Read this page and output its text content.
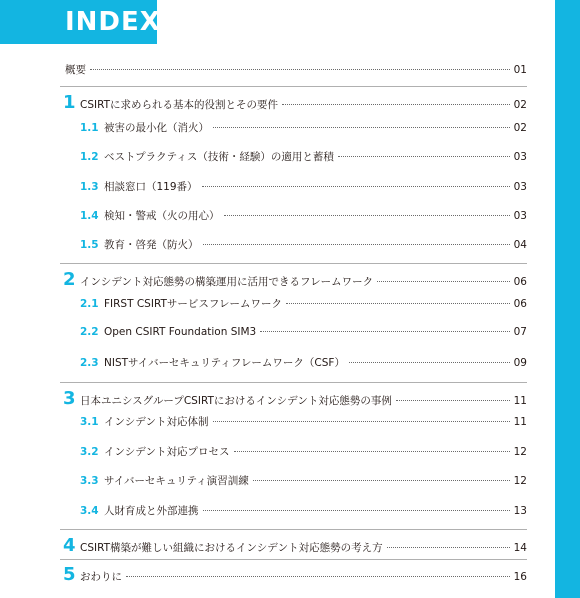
INDEX
概要	01
1 CSIRTに求められる基本的役割とその要件	02
1.1 被害の最小化（消火）	02
1.2 ベストプラクティス（技術・経験）の適用と蓄積	03
1.3 相談窓口（119番）	03
1.4 検知・警戒（火の用心）	03
1.5 教育・啓発（防火）	04
2 インシデント対応態勢の構築運用に活用できるフレームワーク	06
2.1 FIRST CSIRTサービスフレームワーク	06
2.2 Open CSIRT Foundation SIM3	07
2.3 NISTサイバーセキュリティフレームワーク（CSF）	09
3 日本ユニシスグループCSIRTにおけるインシデント対応態勢の事例	11
3.1 インシデント対応体制	11
3.2 インシデント対応プロセス	12
3.3 サイバーセキュリティ演習訓練	12
3.4 人財育成と外部連携	13
4 CSIRT構築が難しい組織におけるインシデント対応態勢の考え方	14
5 おわりに	16
